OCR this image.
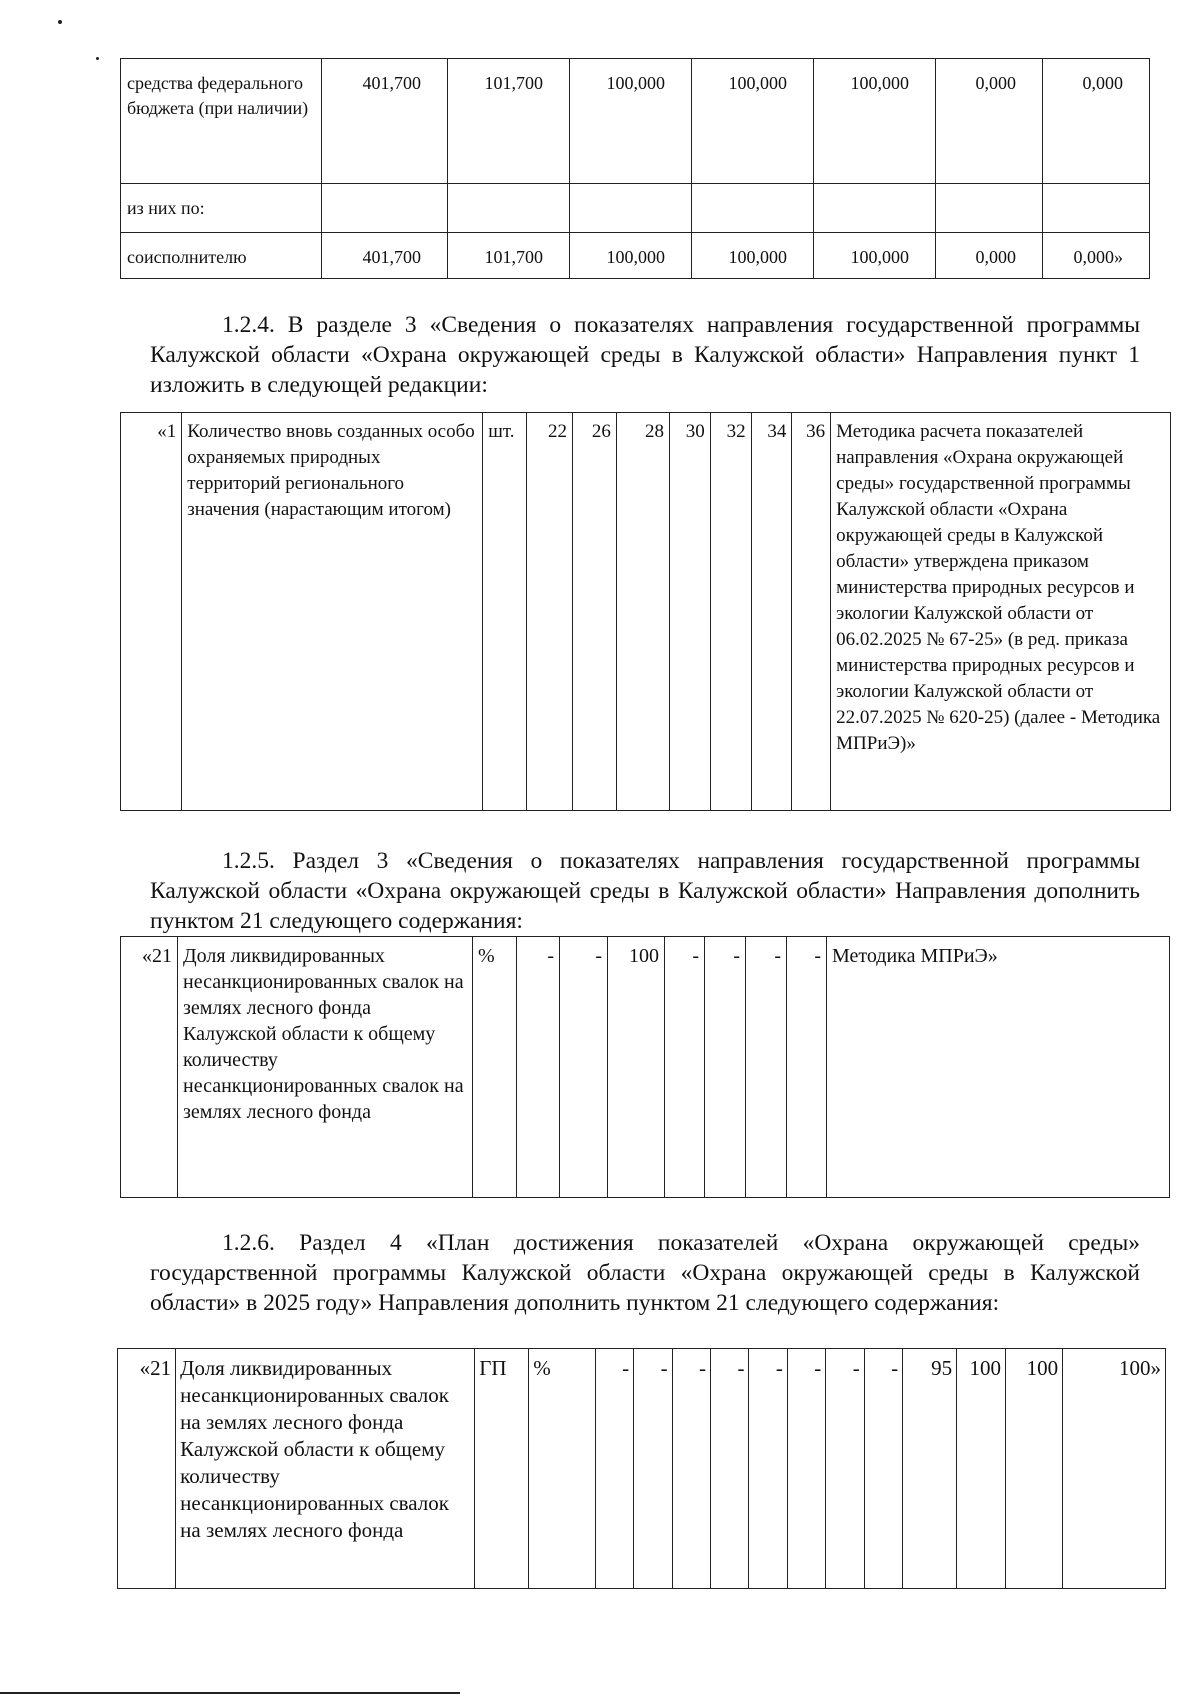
средства федерального бюджета (при наличии)	401,700	101,700	100,000	100,000	100,000	0,000	0,000
из них по:							
соисполнителю	401,700	101,700	100,000	100,000	100,000	0,000	0,000»
1.2.4. В разделе 3 «Сведения о показателях направления государственной программы Калужской области «Охрана окружающей среды в Калужской области» Направления пункт 1 изложить в следующей редакции:
«1	Количество вновь созданных особо охраняемых природных территорий регионального значения (нарастающим итогом)	шт.	22	26	28	30	32	34	36	Методика расчета показателей направления «Охрана окружающей среды» государственной программы Калужской области «Охрана окружающей среды в Калужской области» утверждена приказом министерства природных ресурсов и экологии Калужской области от 06.02.2025 № 67-25» (в ред. приказа министерства природных ресурсов и экологии Калужской области от 22.07.2025 № 620-25) (далее - Методика МПРиЭ)»
1.2.5. Раздел 3 «Сведения о показателях направления государственной программы Калужской области «Охрана окружающей среды в Калужской области» Направления дополнить пунктом 21 следующего содержания:
«21	Доля ликвидированных несанкционированных свалок на землях лесного фонда Калужской области к общему количеству несанкционированных свалок на землях лесного фонда	%	-	-	100	-	-	-	-	Методика МПРиЭ»
1.2.6. Раздел 4 «План достижения показателей «Охрана окружающей среды» государственной программы Калужской области «Охрана окружающей среды в Калужской области» в 2025 году» Направления дополнить пунктом 21 следующего содержания:
«21	Доля ликвидированных несанкционированных свалок на землях лесного фонда Калужской области к общему количеству несанкционированных свалок на землях лесного фонда	ГП	%	-	-	-	-	-	-	-	-	95	100	100	100»
